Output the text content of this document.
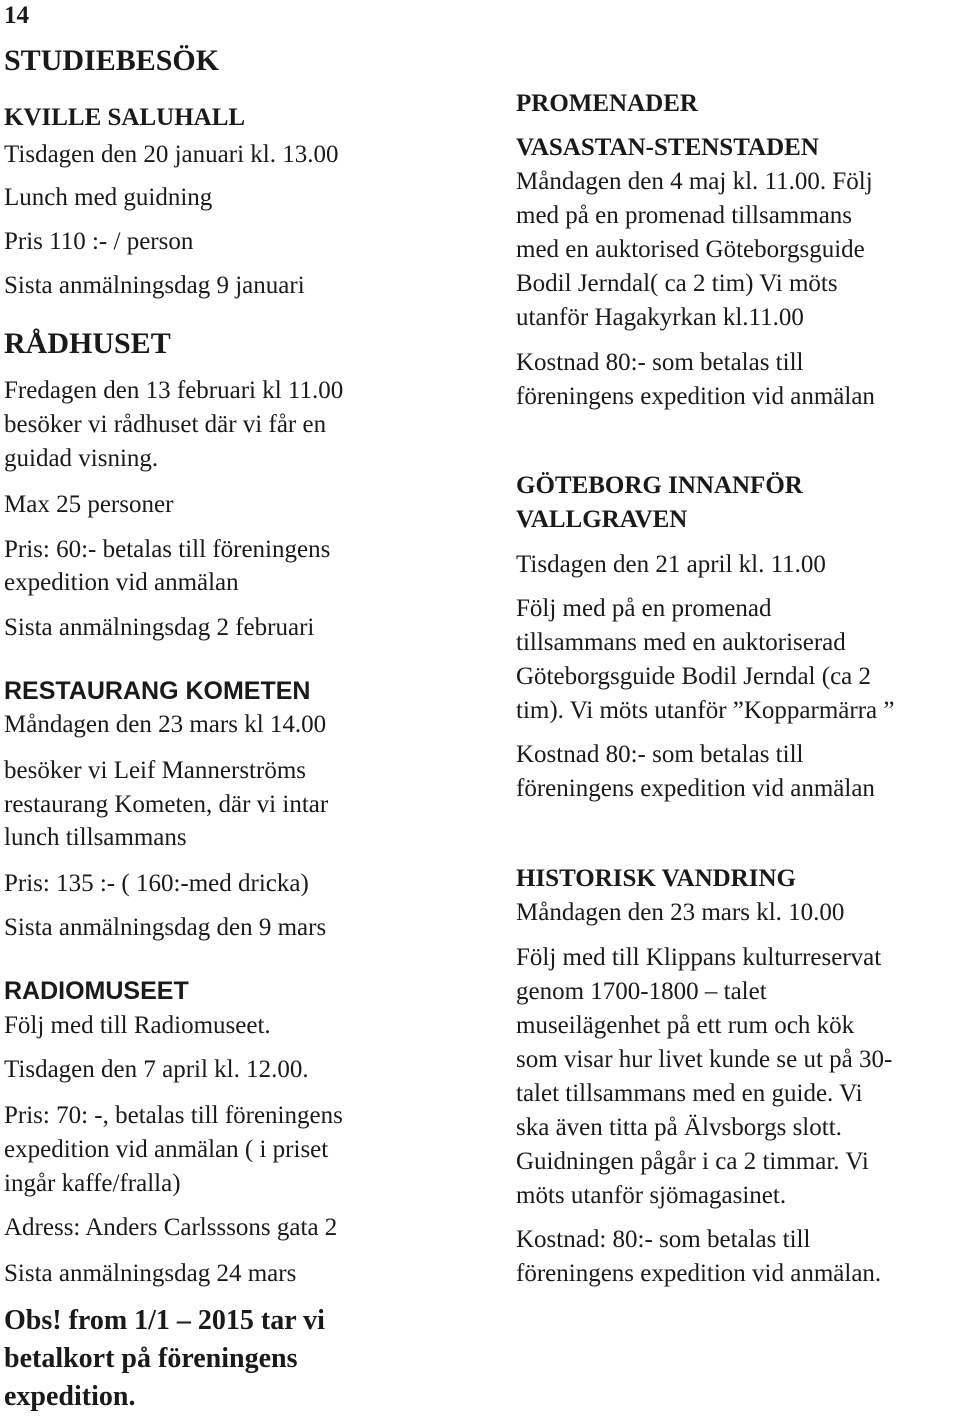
14
STUDIEBESÖK
KVILLE SALUHALL
Tisdagen den 20 januari kl. 13.00
Lunch med guidning
Pris 110 :- / person
Sista anmälningsdag 9 januari
RÅDHUSET
Fredagen den 13 februari kl 11.00
besöker vi rådhuset där vi får en
guidad visning.
Max 25 personer
Pris: 60:- betalas till föreningens
expedition vid anmälan
Sista anmälningsdag 2 februari
RESTAURANG KOMETEN
Måndagen den 23 mars kl 14.00
besöker vi Leif Mannerströms
restaurang Kometen, där vi intar
lunch tillsammans
Pris: 135 :- ( 160:-med dricka)
Sista anmälningsdag den 9 mars
RADIOMUSEET
Följ med till Radiomuseet.
Tisdagen den 7 april kl. 12.00.
Pris: 70: -, betalas till föreningens
expedition vid anmälan ( i priset
ingår kaffe/fralla)
Adress: Anders Carlsssons gata 2
Sista anmälningsdag 24 mars
Obs! from 1/1 – 2015 tar vi
betalkort på föreningens
expedition.
PROMENADER
VASASTAN-STENSTADEN
Måndagen den 4 maj kl. 11.00. Följ
med på en promenad tillsammans
med en auktorised Göteborgsguide
Bodil Jerndal( ca 2 tim) Vi möts
utanför Hagakyrkan kl.11.00
Kostnad 80:- som betalas till
föreningens expedition vid anmälan
GÖTEBORG INNANFÖR
VALLGRAVEN
Tisdagen den 21 april kl. 11.00
Följ med på en promenad
tillsammans med en auktoriserad
Göteborgsguide Bodil Jerndal (ca 2
tim). Vi möts utanför ”Kopparmärra ”
Kostnad 80:- som betalas till
föreningens expedition vid anmälan
HISTORISK VANDRING
Måndagen den 23 mars kl. 10.00
Följ med till Klippans kulturreservat
genom 1700-1800 – talet
museilägenhet på ett rum och kök
som visar hur livet kunde se ut på 30-
talet tillsammans med en guide. Vi
ska även titta på Älvsborgs slott.
Guidningen pågår i ca 2 timmar. Vi
möts utanför sjömagasinet.
Kostnad: 80:- som betalas till
föreningens expedition vid anmälan.
